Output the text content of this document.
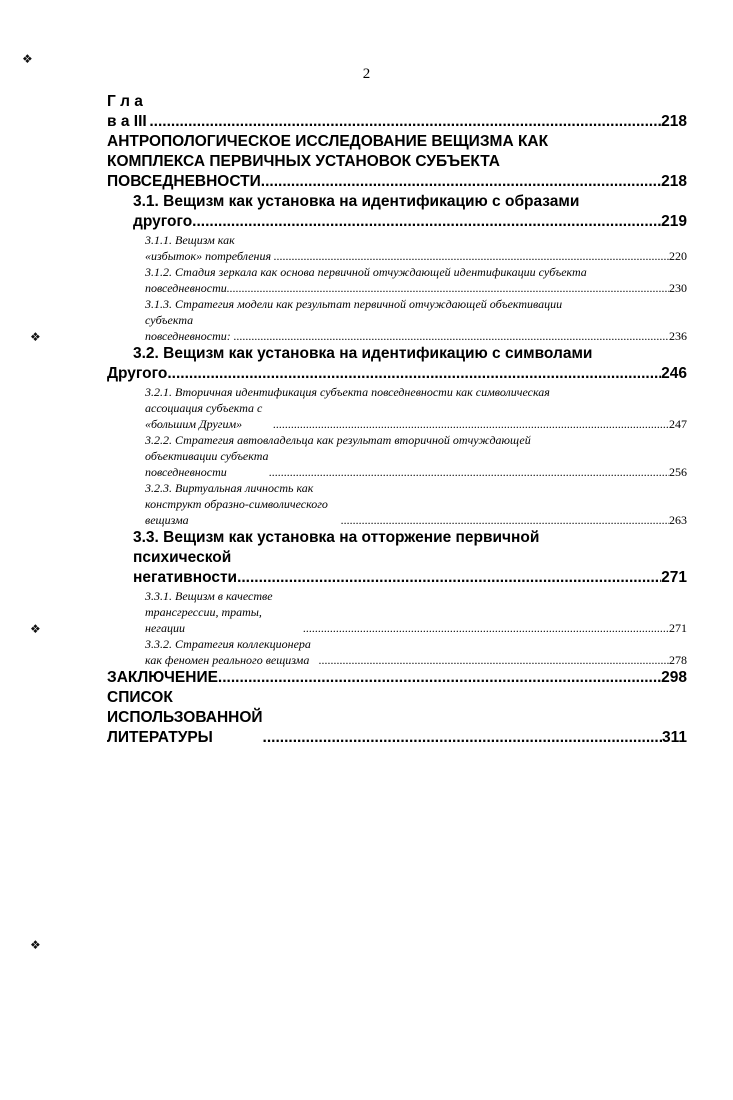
2
Г л а в а III .....	218
АНТРОПОЛОГИЧЕСКОЕ ИССЛЕДОВАНИЕ ВЕЩИЗМА КАК
КОМПЛЕКСА ПЕРВИЧНЫХ УСТАНОВОК СУБЪЕКТА
ПОВСЕДНЕВНОСТИ .....	218
3.1. Вещизм как установка на идентификацию с образами
другого .....	219
3.1.1. Вещизм как «избыток» потребления .....	220
3.1.2. Стадия зеркала как основа первичной отчуждающей идентификации субъекта
повседневности .....	230
3.1.3. Стратегия модели как результат первичной отчуждающей объективации
субъекта повседневности: .....	236
3.2. Вещизм как установка на идентификацию с символами
Другого .....	246
3.2.1. Вторичная идентификация субъекта повседневности как символическая
ассоциация субъекта с «большим Другим» .....	247
3.2.2. Стратегия автовладельца как результат вторичной отчуждающей
объективации субъекта повседневности .....	256
3.2.3. Виртуальная личность как конструкт образно-символического вещизма .....	263
3.3. Вещизм как установка на отторжение первичной
психической негативности .....	271
3.3.1. Вещизм в качестве трансгрессии, траты, негации .....	271
3.3.2. Стратегия коллекционера как феномен реального вещизма .....	278
ЗАКЛЮЧЕНИЕ .....	298
СПИСОК ИСПОЛЬЗОВАННОЙ ЛИТЕРАТУРЫ .....	311
❖
❖
❖
❖
